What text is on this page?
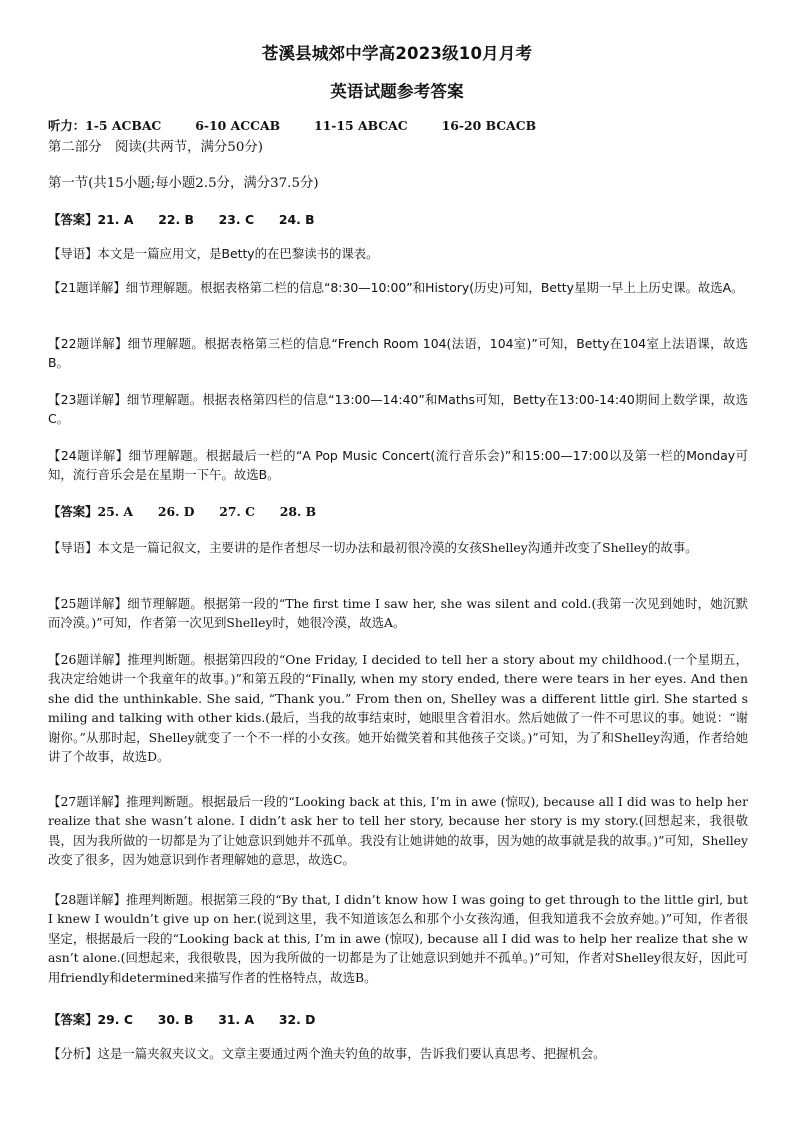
苍溪县城郊中学高2023级10月月考
英语试题参考答案
听力：1-5 ACBAC	6-10 ACCAB	11-15 ABCAC	16-20 BCACB
第二部分　阅读(共两节，满分50分)
第一节(共15小题;每小题2.5分，满分37.5分)
【答案】21. A　　22. B　　23. C　　24. B
【导语】本文是一篇应用文，是Betty的在巴黎读书的课表。
【21题详解】细节理解题。根据表格第二栏的信息“8:30—10:00”和History(历史)可知，Betty星期一早上上历史课。故选A。
【22题详解】细节理解题。根据表格第三栏的信息“French Room 104(法语，104室)”可知，Betty在104室上法语课，故选B。
【23题详解】细节理解题。根据表格第四栏的信息“13:00—14:40”和Maths可知，Betty在13:00-14:40期间上数学课，故选C。
【24题详解】细节理解题。根据最后一栏的“A Pop Music Concert(流行音乐会)”和15:00—17:00以及第一栏的Monday可知，流行音乐会是在星期一下午。故选B。
【答案】25. A　　26. D　　27. C　　28. B
【导语】本文是一篇记叙文，主要讲的是作者想尽一切办法和最初很冷漠的女孩Shelley沟通并改变了Shelley的故事。
【25题详解】细节理解题。根据第一段的“The first time I saw her, she was silent and cold.(我第一次见到她时，她沉默而冷漠。)”可知，作者第一次见到Shelley时，她很冷漠，故选A。
【26题详解】推理判断题。根据第四段的“One Friday, I decided to tell her a story about my childhood.(一个星期五，我决定给她讲一个我童年的故事。)”和第五段的“Finally, when my story ended, there were tears in her eyes. And then she did the unthinkable. She said, “Thank you.” From then on, Shelley was a different little girl. She started smiling and talking with other kids.(最后，当我的故事结束时，她眼里含着泪水。然后她做了一件不可思议的事。她说：“谢谢你。”从那时起，Shelley就变了一个不一样的小女孩。她开始微笑着和其他孩子交谈。)”可知，为了和Shelley沟通，作者给她讲了个故事，故选D。
【27题详解】推理判断题。根据最后一段的“Looking back at this, I’m in awe (惊叹), because all I did was to help her realize that she wasn’t alone. I didn’t ask her to tell her story, because her story is my story.(回想起来，我很敬畏，因为我所做的一切都是为了让她意识到她并不孤单。我没有让她讲她的故事，因为她的故事就是我的故事。)”可知，Shelley改变了很多，因为她意识到作者理解她的意思，故选C。
【28题详解】推理判断题。根据第三段的“By that, I didn’t know how I was going to get through to the little girl, but I knew I wouldn’t give up on her.(说到这里，我不知道该怎么和那个小女孩沟通，但我知道我不会放弃她。)”可知，作者很坚定，根据最后一段的“Looking back at this, I’m in awe (惊叹), because all I did was to help her realize that she wasn’t alone.(回想起来，我很敬畏，因为我所做的一切都是为了让她意识到她并不孤单。)”可知，作者对Shelley很友好，因此可用friendly和determined来描写作者的性格特点，故选B。
【答案】29. C　　30. B　　31. A　　32. D
【分析】这是一篇夹叙夹议文。文章主要通过两个渔夫钓鱼的故事，告诉我们要认真思考、把握机会。
